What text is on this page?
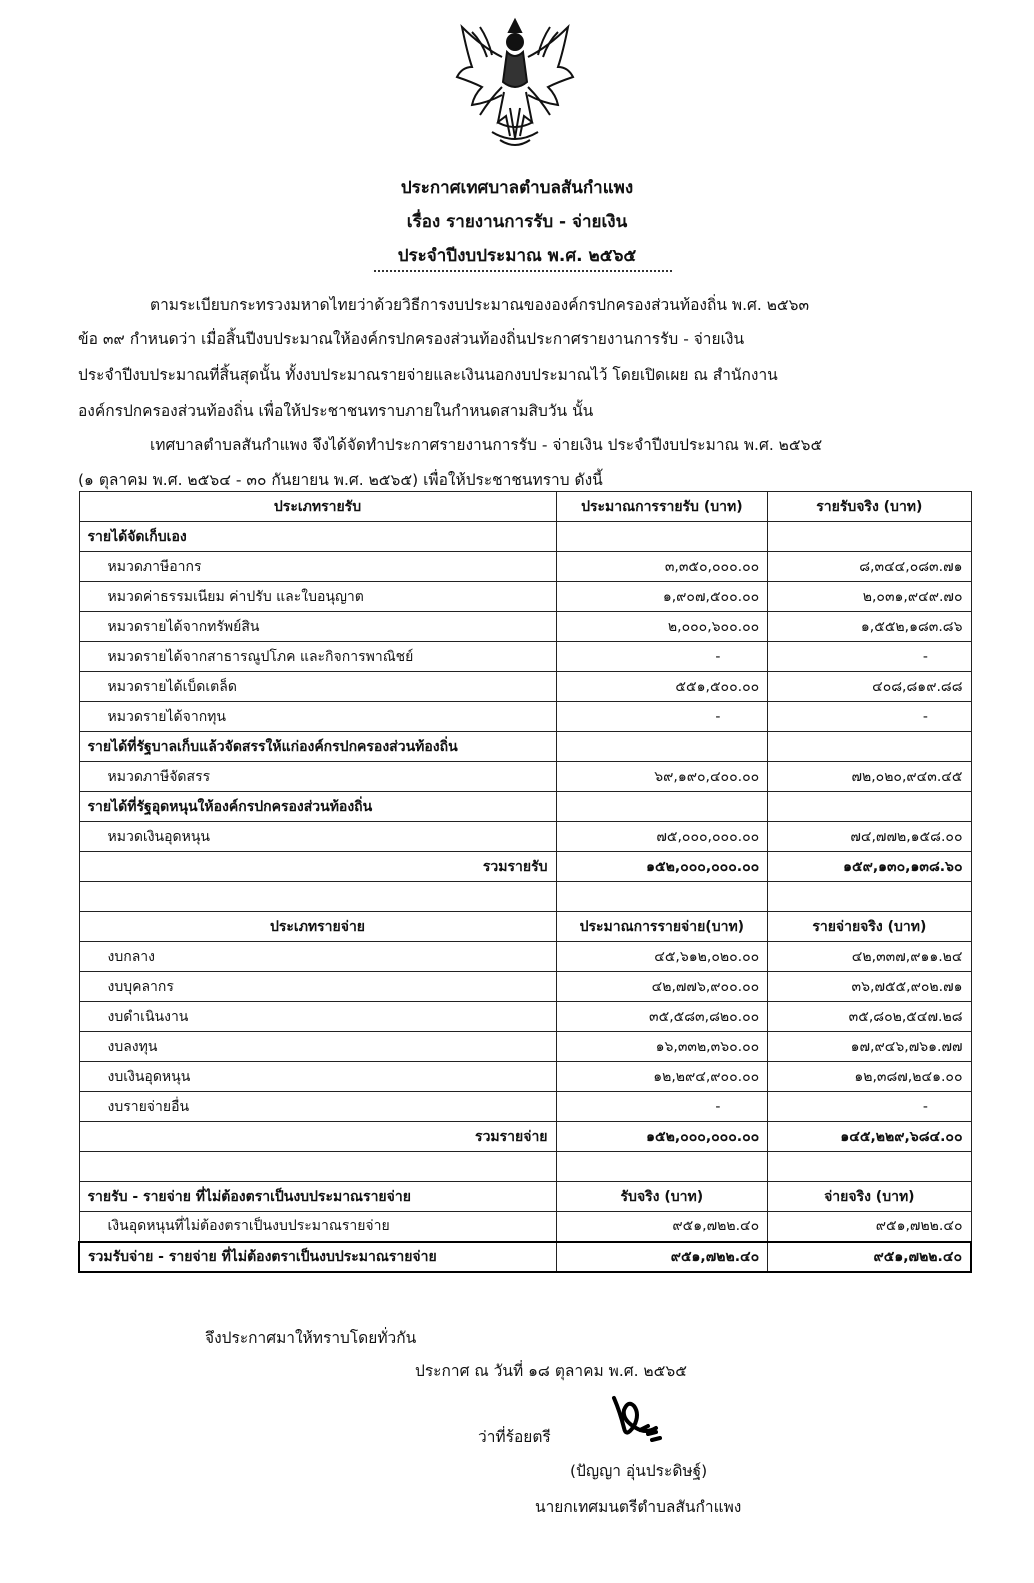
ประกาศเทศบาลตำบลสันกำแพง
เรื่อง รายงานการรับ - จ่ายเงิน
ประจำปีงบประมาณ พ.ศ. ๒๕๖๕
ตามระเบียบกระทรวงมหาดไทยว่าด้วยวิธีการงบประมาณขององค์กรปกครองส่วนท้องถิ่น พ.ศ. ๒๕๖๓
ข้อ ๓๙ กำหนดว่า เมื่อสิ้นปีงบประมาณให้องค์กรปกครองส่วนท้องถิ่นประกาศรายงานการรับ - จ่ายเงิน
ประจำปีงบประมาณที่สิ้นสุดนั้น ทั้งงบประมาณรายจ่ายและเงินนอกงบประมาณไว้ โดยเปิดเผย ณ สำนักงาน
องค์กรปกครองส่วนท้องถิ่น เพื่อให้ประชาชนทราบภายในกำหนดสามสิบวัน นั้น
เทศบาลตำบลสันกำแพง จึงได้จัดทำประกาศรายงานการรับ - จ่ายเงิน ประจำปีงบประมาณ พ.ศ. ๒๕๖๕
(๑ ตุลาคม พ.ศ. ๒๕๖๔ - ๓๐ กันยายน พ.ศ. ๒๕๖๕) เพื่อให้ประชาชนทราบ ดังนี้
ประเภทรายรับ	ประมาณการรายรับ (บาท)	รายรับจริง (บาท)
รายได้จัดเก็บเอง		
หมวดภาษีอากร	๓,๓๕๐,๐๐๐.๐๐	๘,๓๔๔,๐๘๓.๗๑
หมวดค่าธรรมเนียม ค่าปรับ และใบอนุญาต	๑,๙๐๗,๕๐๐.๐๐	๒,๐๓๑,๙๔๙.๗๐
หมวดรายได้จากทรัพย์สิน	๒,๐๐๐,๖๐๐.๐๐	๑,๕๕๒,๑๘๓.๘๖
หมวดรายได้จากสาธารณูปโภค และกิจการพาณิชย์	-	-
หมวดรายได้เบ็ดเตล็ด	๕๕๑,๕๐๐.๐๐	๔๐๘,๘๑๙.๘๘
หมวดรายได้จากทุน	-	-
รายได้ที่รัฐบาลเก็บแล้วจัดสรรให้แก่องค์กรปกครองส่วนท้องถิ่น		
หมวดภาษีจัดสรร	๖๙,๑๙๐,๔๐๐.๐๐	๗๒,๐๒๐,๙๔๓.๔๕
รายได้ที่รัฐอุดหนุนให้องค์กรปกครองส่วนท้องถิ่น		
หมวดเงินอุดหนุน	๗๕,๐๐๐,๐๐๐.๐๐	๗๔,๗๗๒,๑๕๘.๐๐
รวมรายรับ	๑๕๒,๐๐๐,๐๐๐.๐๐	๑๕๙,๑๓๐,๑๓๘.๖๐

ประเภทรายจ่าย	ประมาณการรายจ่าย(บาท)	รายจ่ายจริง (บาท)
งบกลาง	๔๕,๖๑๒,๐๒๐.๐๐	๔๒,๓๓๗,๙๑๑.๒๔
งบบุคลากร	๔๒,๗๗๖,๙๐๐.๐๐	๓๖,๗๕๕,๙๐๒.๗๑
งบดำเนินงาน	๓๕,๕๘๓,๘๒๐.๐๐	๓๕,๘๐๒,๕๔๗.๒๘
งบลงทุน	๑๖,๓๓๒,๓๖๐.๐๐	๑๗,๙๔๖,๗๖๑.๗๗
งบเงินอุดหนุน	๑๒,๒๙๔,๙๐๐.๐๐	๑๒,๓๘๗,๒๔๑.๐๐
งบรายจ่ายอื่น	-	-
รวมรายจ่าย	๑๕๒,๐๐๐,๐๐๐.๐๐	๑๔๕,๒๒๙,๖๘๔.๐๐

รายรับ - รายจ่าย ที่ไม่ต้องตราเป็นงบประมาณรายจ่าย	รับจริง (บาท)	จ่ายจริง (บาท)
เงินอุดหนุนที่ไม่ต้องตราเป็นงบประมาณรายจ่าย	๙๕๑,๗๒๒.๔๐	๙๕๑,๗๒๒.๔๐
รวมรับจ่าย - รายจ่าย ที่ไม่ต้องตราเป็นงบประมาณรายจ่าย	๙๕๑,๗๒๒.๔๐	๙๕๑,๗๒๒.๔๐
จึงประกาศมาให้ทราบโดยทั่วกัน
ประกาศ ณ วันที่ ๑๘ ตุลาคม พ.ศ. ๒๕๖๕
ว่าที่ร้อยตรี
(ปัญญา อุ่นประดิษฐ์)
นายกเทศมนตรีตำบลสันกำแพง
